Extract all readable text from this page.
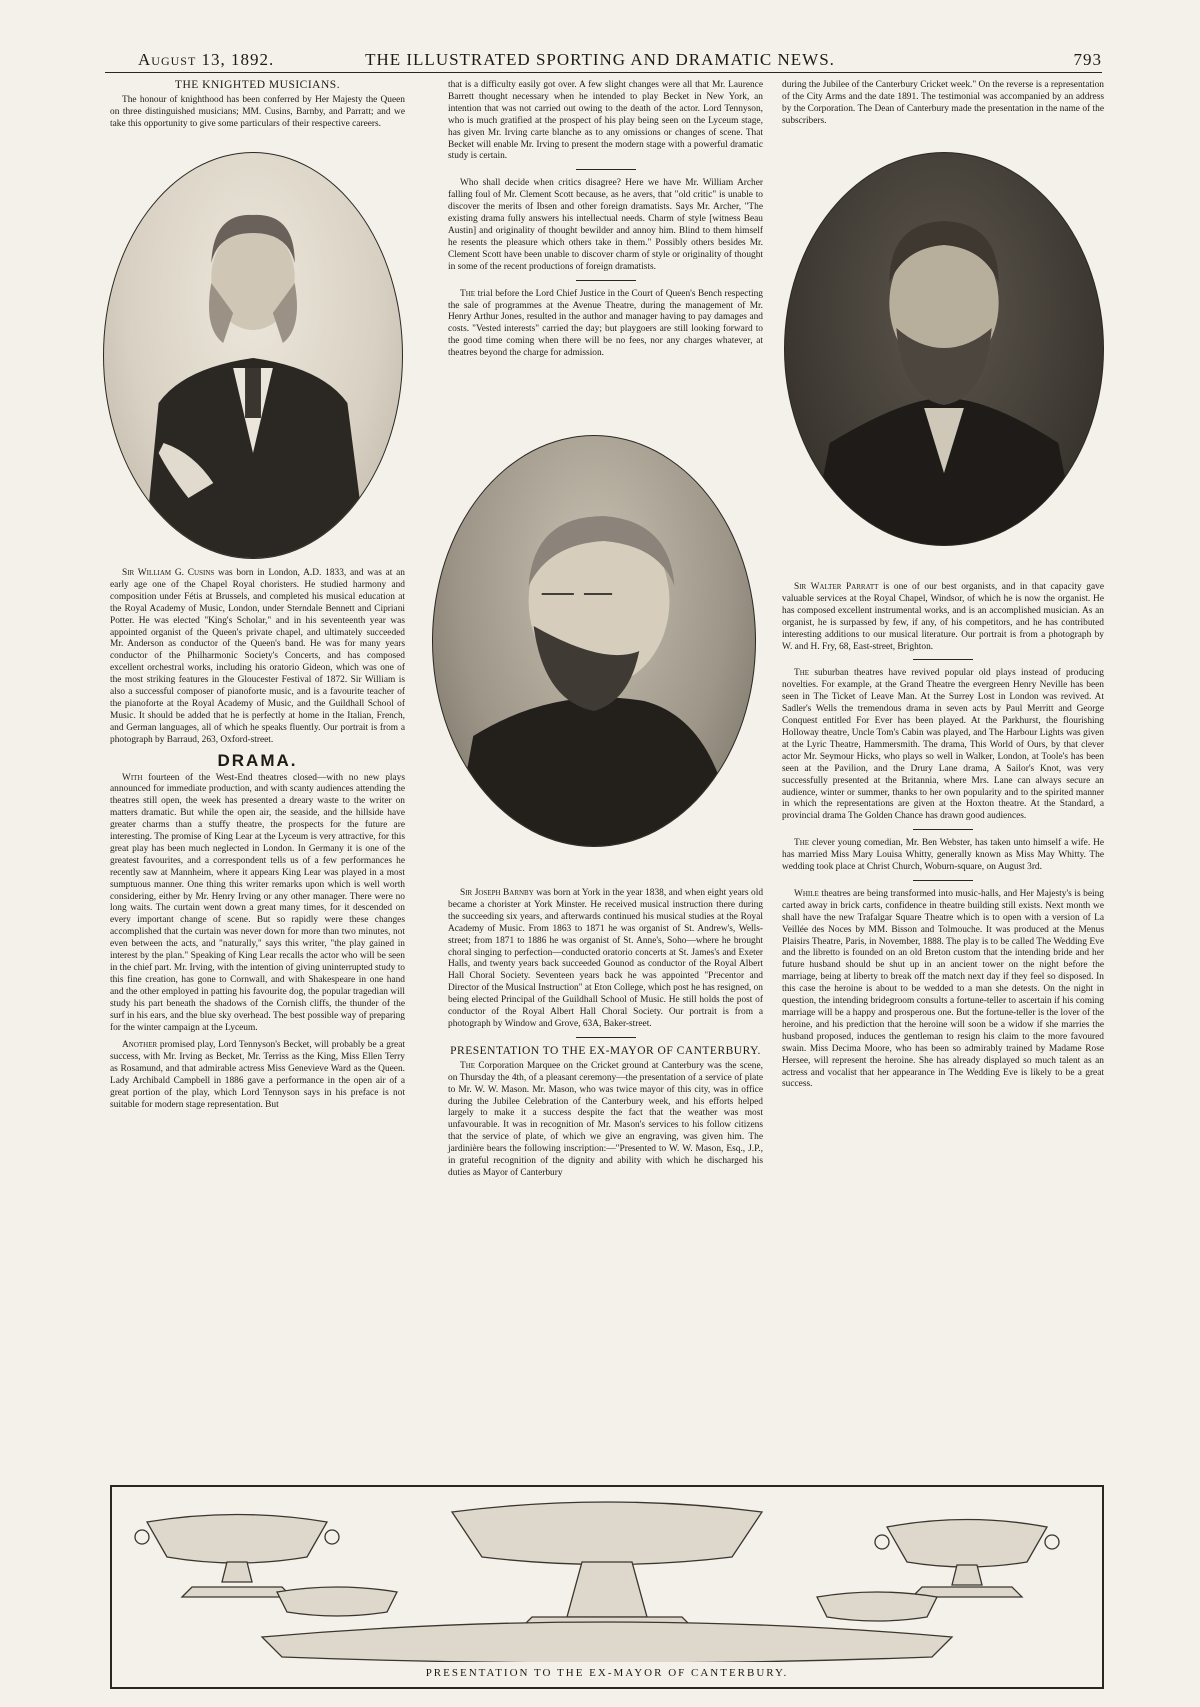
August 13, 1892.	THE ILLUSTRATED SPORTING AND DRAMATIC NEWS.	793
THE KNIGHTED MUSICIANS.

The honour of knighthood has been conferred by Her Majesty the Queen on three distinguished musicians; MM. Cusins, Barnby, and Parratt; and we take this opportunity to give some particulars of their respective careers.

Sir William G. Cusins was born in London, A.D. 1833, and was at an early age one of the Chapel Royal choristers. He studied harmony and composition under Fétis at Brussels, and completed his musical education at the Royal Academy of Music, London, under Sterndale Bennett and Cipriani Potter. He was elected "King's Scholar," and in his seventeenth year was appointed organist of the Queen's private chapel, and ultimately succeeded Mr. Anderson as conductor of the Queen's band. He was for many years conductor of the Philharmonic Society's Concerts, and has composed excellent orchestral works, including his oratorio Gideon, which was one of the most striking features in the Gloucester Festival of 1872. Sir William is also a successful composer of pianoforte music, and is a favourite teacher of the pianoforte at the Royal Academy of Music, and the Guildhall School of Music. It should be added that he is perfectly at home in the Italian, French, and German languages, all of which he speaks fluently. Our portrait is from a photograph by Barraud, 263, Oxford-street.

DRAMA.

With fourteen of the West-End theatres closed—with no new plays announced for immediate production, and with scanty audiences attending the theatres still open, the week has presented a dreary waste to the writer on matters dramatic. But while the open air, the seaside, and the hillside have greater charms than a stuffy theatre, the prospects for the future are interesting. The promise of King Lear at the Lyceum is very attractive, for this great play has been much neglected in London. In Germany it is one of the greatest favourites, and a correspondent tells us of a few performances he recently saw at Mannheim, where it appears King Lear was played in a most sumptuous manner. One thing this writer remarks upon which is well worth considering, either by Mr. Henry Irving or any other manager. There were no long waits. The curtain went down a great many times, for it descended on every important change of scene. But so rapidly were these changes accomplished that the curtain was never down for more than two minutes, not even between the acts, and "naturally," says this writer, "the play gained in interest by the plan." Speaking of King Lear recalls the actor who will be seen in the chief part. Mr. Irving, with the intention of giving uninterrupted study to this fine creation, has gone to Cornwall, and with Shakespeare in one hand and the other employed in patting his favourite dog, the popular tragedian will study his part beneath the shadows of the Cornish cliffs, the thunder of the surf in his ears, and the blue sky overhead. The best possible way of preparing for the winter campaign at the Lyceum.

Another promised play, Lord Tennyson's Becket, will probably be a great success, with Mr. Irving as Becket, Mr. Terriss as the King, Miss Ellen Terry as Rosamund, and that admirable actress Miss Genevieve Ward as the Queen. Lady Archibald Campbell in 1886 gave a performance in the open air of a great portion of the play, which Lord Tennyson says in his preface is not suitable for modern stage representation. But

that is a difficulty easily got over. A few slight changes were all that Mr. Laurence Barrett thought necessary when he intended to play Becket in New York, an intention that was not carried out owing to the death of the actor. Lord Tennyson, who is much gratified at the prospect of his play being seen on the Lyceum stage, has given Mr. Irving carte blanche as to any omissions or changes of scene. That Becket will enable Mr. Irving to present the modern stage with a powerful dramatic study is certain.

Who shall decide when critics disagree? Here we have Mr. William Archer falling foul of Mr. Clement Scott because, as he avers, that "old critic" is unable to discover the merits of Ibsen and other foreign dramatists. Says Mr. Archer, "The existing drama fully answers his intellectual needs. Charm of style [witness Beau Austin] and originality of thought bewilder and annoy him. Blind to them himself he resents the pleasure which others take in them." Possibly others besides Mr. Clement Scott have been unable to discover charm of style or originality of thought in some of the recent productions of foreign dramatists.

The trial before the Lord Chief Justice in the Court of Queen's Bench respecting the sale of programmes at the Avenue Theatre, during the management of Mr. Henry Arthur Jones, resulted in the author and manager having to pay damages and costs. "Vested interests" carried the day; but playgoers are still looking forward to the good time coming when there will be no fees, nor any charges whatever, at theatres beyond the charge for admission.

Sir Joseph Barnby was born at York in the year 1838, and when eight years old became a chorister at York Minster. He received musical instruction there during the succeeding six years, and afterwards continued his musical studies at the Royal Academy of Music. From 1863 to 1871 he was organist of St. Andrew's, Wells-street; from 1871 to 1886 he was organist of St. Anne's, Soho—where he brought choral singing to perfection—conducted oratorio concerts at St. James's and Exeter Halls, and twenty years back succeeded Gounod as conductor of the Royal Albert Hall Choral Society. Seventeen years back he was appointed "Precentor and Director of the Musical Instruction" at Eton College, which post he has resigned, on being elected Principal of the Guildhall School of Music. He still holds the post of conductor of the Royal Albert Hall Choral Society. Our portrait is from a photograph by Window and Grove, 63A, Baker-street.

PRESENTATION TO THE EX-MAYOR OF CANTERBURY.

The Corporation Marquee on the Cricket ground at Canterbury was the scene, on Thursday the 4th, of a pleasant ceremony—the presentation of a service of plate to Mr. W. W. Mason. Mr. Mason, who was twice mayor of this city, was in office during the Jubilee Celebration of the Canterbury week, and his efforts helped largely to make it a success despite the fact that the weather was most unfavourable. It was in recognition of Mr. Mason's services to his follow citizens that the service of plate, of which we give an engraving, was given him. The jardinière bears the following inscription:—"Presented to W. W. Mason, Esq., J.P., in grateful recognition of the dignity and ability with which he discharged his duties as Mayor of Canterbury

during the Jubilee of the Canterbury Cricket week." On the reverse is a representation of the City Arms and the date 1891. The testimonial was accompanied by an address by the Corporation. The Dean of Canterbury made the presentation in the name of the subscribers.

Sir Walter Parratt is one of our best organists, and in that capacity gave valuable services at the Royal Chapel, Windsor, of which he is now the organist. He has composed excellent instrumental works, and is an accomplished musician. As an organist, he is surpassed by few, if any, of his competitors, and he has contributed interesting additions to our musical literature. Our portrait is from a photograph by W. and H. Fry, 68, East-street, Brighton.

The suburban theatres have revived popular old plays instead of producing novelties. For example, at the Grand Theatre the evergreen Henry Neville has been seen in The Ticket of Leave Man. At the Surrey Lost in London was revived. At Sadler's Wells the tremendous drama in seven acts by Paul Merritt and George Conquest entitled For Ever has been played. At the Parkhurst, the flourishing Holloway theatre, Uncle Tom's Cabin was played, and The Harbour Lights was given at the Lyric Theatre, Hammersmith. The drama, This World of Ours, by that clever actor Mr. Seymour Hicks, who plays so well in Walker, London, at Toole's has been seen at the Pavilion, and the Drury Lane drama, A Sailor's Knot, was very successfully presented at the Britannia, where Mrs. Lane can always secure an audience, winter or summer, thanks to her own popularity and to the spirited manner in which the representations are given at the Hoxton theatre. At the Standard, a provincial drama The Golden Chance has drawn good audiences.

The clever young comedian, Mr. Ben Webster, has taken unto himself a wife. He has married Miss Mary Louisa Whitty, generally known as Miss May Whitty. The wedding took place at Christ Church, Woburn-square, on August 3rd.

While theatres are being transformed into music-halls, and Her Majesty's is being carted away in brick carts, confidence in theatre building still exists. Next month we shall have the new Trafalgar Square Theatre which is to open with a version of La Veillée des Noces by MM. Bisson and Tolmouche. It was produced at the Menus Plaisirs Theatre, Paris, in November, 1888. The play is to be called The Wedding Eve and the libretto is founded on an old Breton custom that the intending bride and her future husband should be shut up in an ancient tower on the night before the marriage, being at liberty to break off the match next day if they feel so disposed. In this case the heroine is about to be wedded to a man she detests. On the night in question, the intending bridegroom consults a fortune-teller to ascertain if his coming marriage will be a happy and prosperous one. But the fortune-teller is the lover of the heroine, and his prediction that the heroine will soon be a widow if she marries the husband proposed, induces the gentleman to resign his claim to the more favoured swain. Miss Decima Moore, who has been so admirably trained by Madame Rose Hersee, will represent the heroine. She has already displayed so much talent as an actress and vocalist that her appearance in The Wedding Eve is likely to be a great success.

PRESENTATION TO THE EX-MAYOR OF CANTERBURY.
